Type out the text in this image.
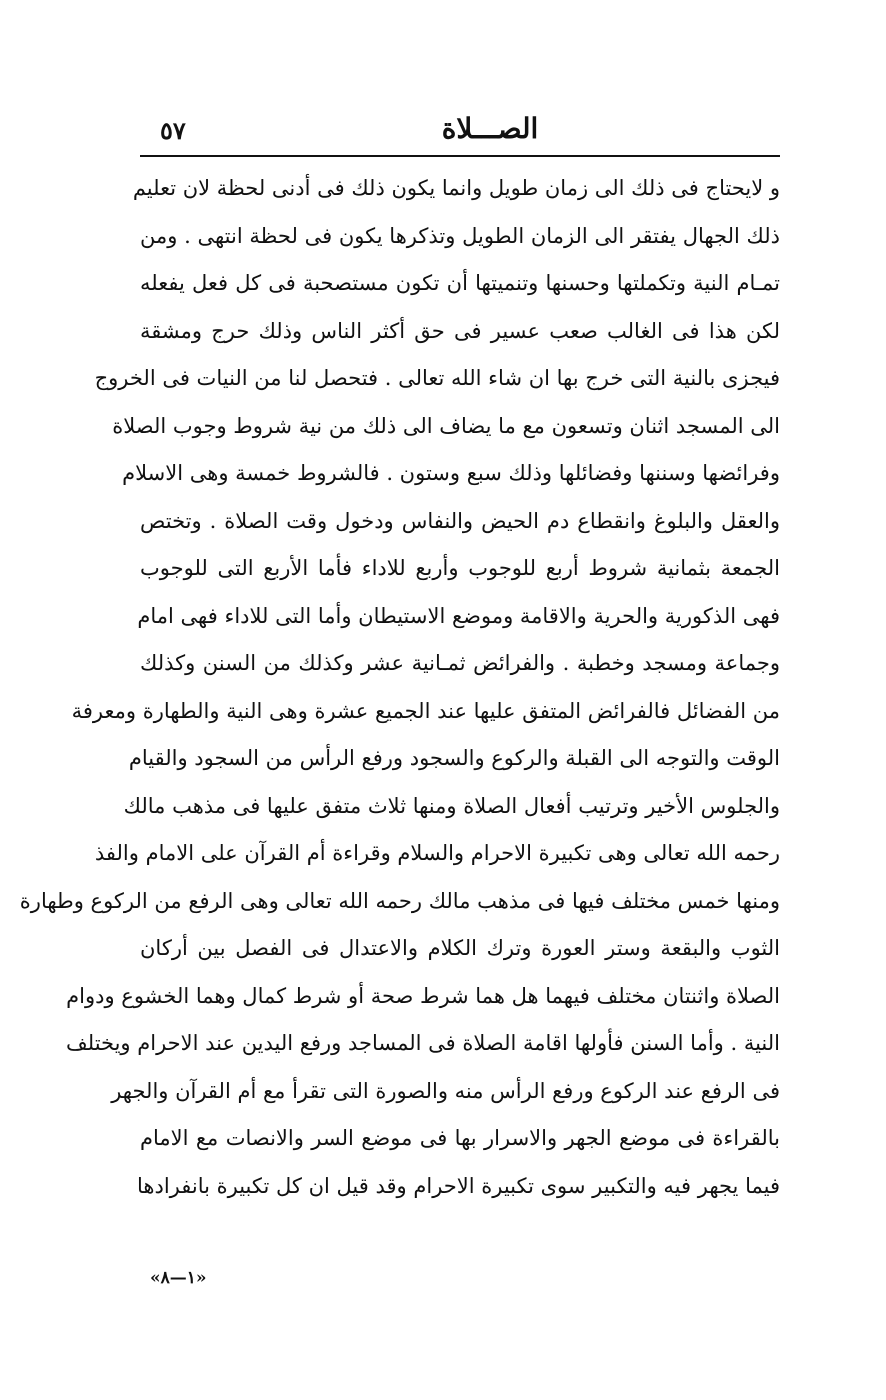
٥٧	الصـــلاة
و لايحتاج فى ذلك الى زمان طويل وانما يكون ذلك فى أدنى لحظة لان تعليم
ذلك الجهال يفتقر الى الزمان الطويل وتذكرها يكون فى لحظة انتهى . ومن
تمـام النية وتكملتها وحسنها وتنميتها أن تكون مستصحبة فى كل فعل يفعله
لكن هذا فى الغالب صعب عسير فى حق أكثر الناس وذلك حرج ومشقة
فيجزى بالنية التى خرج بها ان شاء الله تعالى . فتحصل لنا من النيات فى الخروج
الى المسجد اثنان وتسعون مع ما يضاف الى ذلك من نية شروط وجوب الصلاة
وفرائضها وسننها وفضائلها وذلك سبع وستون . فالشروط خمسة وهى الاسلام
والعقل والبلوغ وانقطاع دم الحيض والنفاس ودخول وقت الصلاة . وتختص
الجمعة بثمانية شروط أربع للوجوب وأربع للاداء فأما الأربع التى للوجوب
فهى الذكورية والحرية والاقامة وموضع الاستيطان وأما التى للاداء فهى امام
وجماعة ومسجد وخطبة . والفرائض ثمـانية عشر وكذلك من السنن وكذلك
من الفضائل فالفرائض المتفق عليها عند الجميع عشرة وهى النية والطهارة ومعرفة
الوقت والتوجه الى القبلة والركوع والسجود ورفع الرأس من السجود والقيام
والجلوس الأخير وترتيب أفعال الصلاة ومنها ثلاث متفق عليها فى مذهب مالك
رحمه الله تعالى وهى تكبيرة الاحرام والسلام وقراءة أم القرآن على الامام والفذ
ومنها خمس مختلف فيها فى مذهب مالك رحمه الله تعالى وهى الرفع من الركوع وطهارة
الثوب والبقعة وستر العورة وترك الكلام والاعتدال فى الفصل بين أركان
الصلاة واثنتان مختلف فيهما هل هما شرط صحة أو شرط كمال وهما الخشوع ودوام
النية . وأما السنن فأولها اقامة الصلاة فى المساجد ورفع اليدين عند الاحرام ويختلف
فى الرفع عند الركوع ورفع الرأس منه والصورة التى تقرأ مع أم القرآن والجهر
بالقراءة فى موضع الجهر والاسرار بها فى موضع السر والانصات مع الامام
فيما يجهر فيه والتكبير سوى تكبيرة الاحرام وقد قيل ان كل تكبيرة بانفرادها
«١—٨»
